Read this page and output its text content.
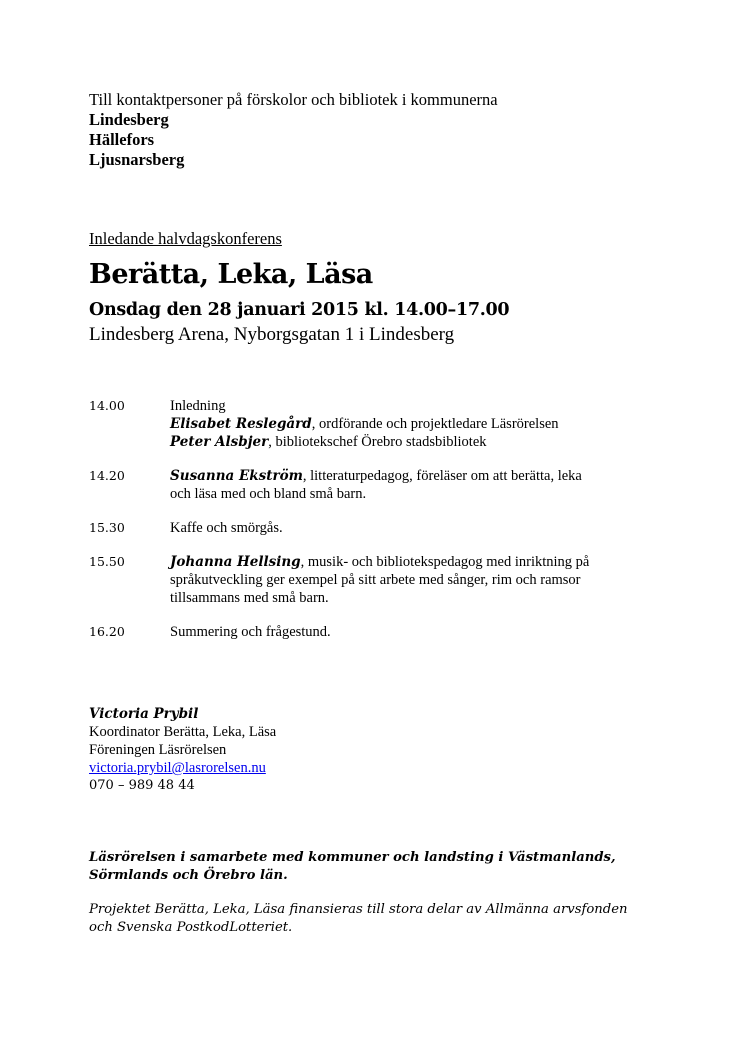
Till kontaktpersoner på förskolor och bibliotek i kommunerna
Lindesberg
Hällefors
Ljusnarsberg
Inledande halvdagskonferens
Berätta, Leka, Läsa
Onsdag den 28 januari 2015 kl. 14.00–17.00
Lindesberg Arena, Nyborgsgatan 1 i Lindesberg
14.00	Inledning
Elisabet Reslegård, ordförande och projektledare Läsrörelsen
Peter Alsbjer, bibliotekschef Örebro stadsbibliotek
14.20	Susanna Ekström, litteraturpedagog, föreläser om att berätta, leka
och läsa med och bland små barn.
15.30	Kaffe och smörgås.
15.50	Johanna Hellsing, musik- och bibliotekspedagog med inriktning på
språkutveckling ger exempel på sitt arbete med sånger, rim och ramsor
tillsammans med små barn.
16.20	Summering och frågestund.
Victoria Prybil
Koordinator Berätta, Leka, Läsa
Föreningen Läsrörelsen
victoria.prybil@lasrorelsen.nu
070 – 989 48 44
Läsrörelsen i samarbete med kommuner och landsting i Västmanlands,
Sörmlands och Örebro län.
Projektet Berätta, Leka, Läsa finansieras till stora delar av Allmänna arvsfonden
och Svenska PostkodLotteriet.
